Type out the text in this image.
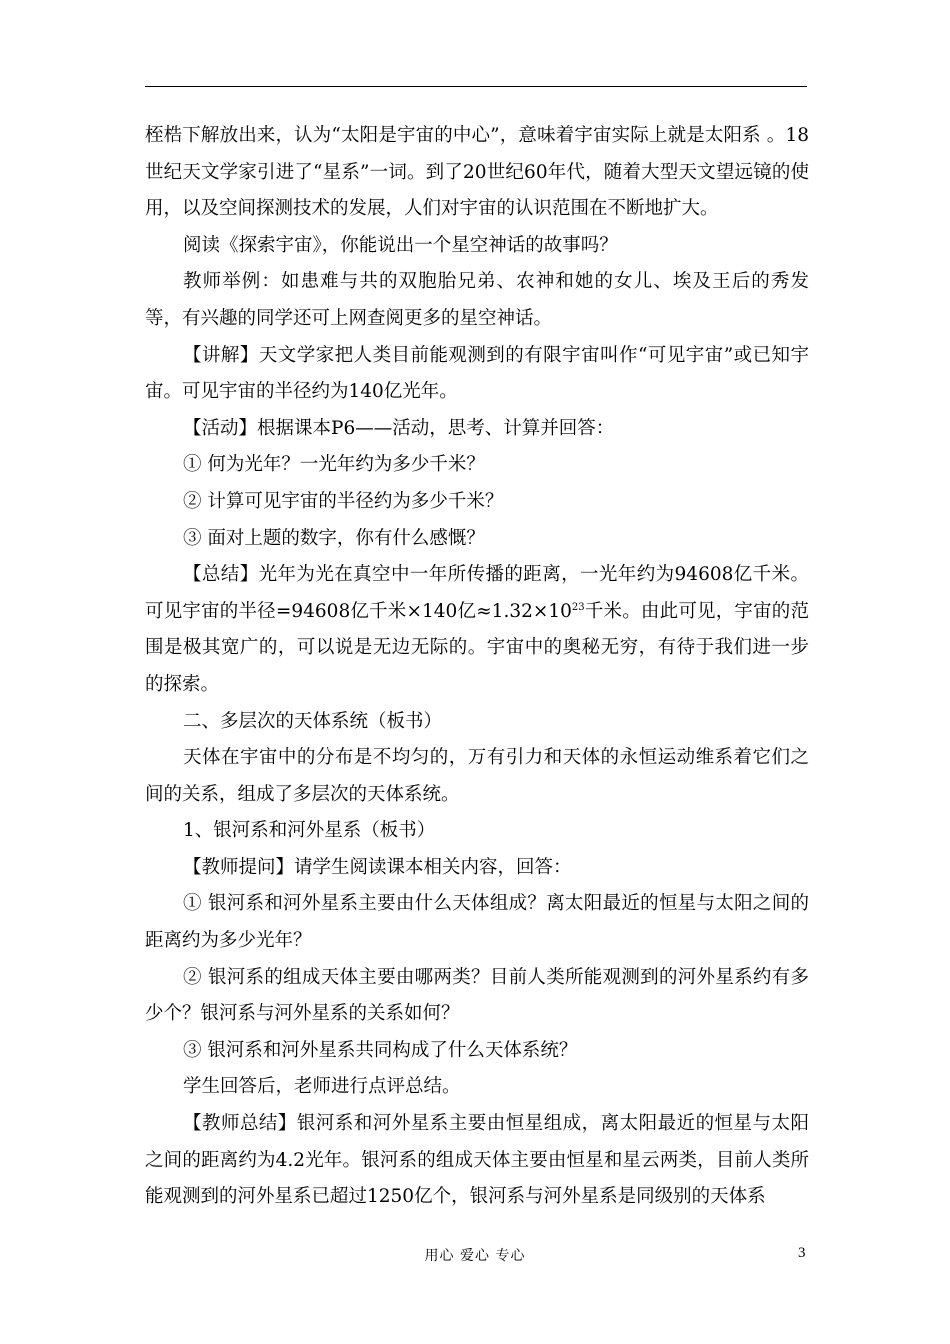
桎梏下解放出来，认为“太阳是宇宙的中心”，意味着宇宙实际上就是太阳系 。18世纪天文学家引进了“星系”一词。到了20世纪60年代，随着大型天文望远镜的使用，以及空间探测技术的发展，人们对宇宙的认识范围在不断地扩大。

阅读《探索宇宙》，你能说出一个星空神话的故事吗？

教师举例：如患难与共的双胞胎兄弟、农神和她的女儿、埃及王后的秀发等，有兴趣的同学还可上网查阅更多的星空神话。

【讲解】天文学家把人类目前能观测到的有限宇宙叫作“可见宇宙”或已知宇宙。可见宇宙的半径约为140亿光年。

【活动】根据课本P6——活动，思考、计算并回答：

① 何为光年？一光年约为多少千米？

② 计算可见宇宙的半径约为多少千米？

③ 面对上题的数字，你有什么感慨？

【总结】光年为光在真空中一年所传播的距离，一光年约为94608亿千米。可见宇宙的半径=94608亿千米×140亿$\approx 1.32\times 10^{23}$千米。由此可见，宇宙的范围是极其宽广的，可以说是无边无际的。宇宙中的奥秘无穷，有待于我们进一步的探索。

二、多层次的天体系统（板书）

天体在宇宙中的分布是不均匀的，万有引力和天体的永恒运动维系着它们之间的关系，组成了多层次的天体系统。

1、银河系和河外星系（板书）

【教师提问】请学生阅读课本相关内容，回答：

① 银河系和河外星系主要由什么天体组成？离太阳最近的恒星与太阳之间的距离约为多少光年？

② 银河系的组成天体主要由哪两类？目前人类所能观测到的河外星系约有多少个？银河系与河外星系的关系如何？

③ 银河系和河外星系共同构成了什么天体系统？

学生回答后，老师进行点评总结。

【教师总结】银河系和河外星系主要由恒星组成，离太阳最近的恒星与太阳之间的距离约为4.2光年。银河系的组成天体主要由恒星和星云两类，目前人类所能观测到的河外星系已超过1250亿个，银河系与河外星系是同级别的天体系

用心 爱心 专心	3
